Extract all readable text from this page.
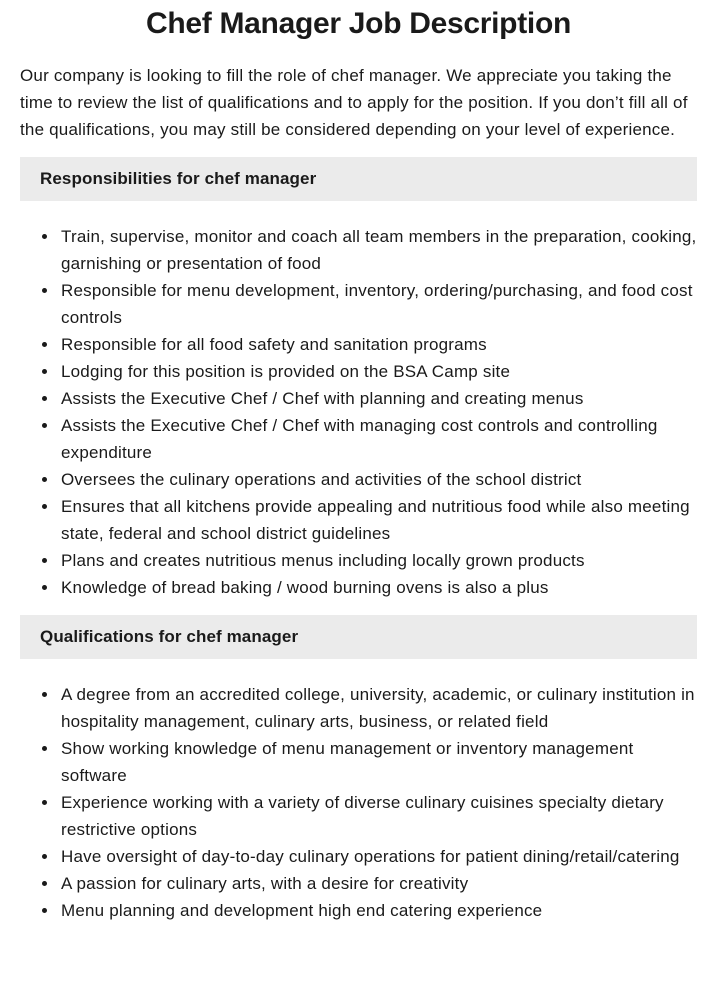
Chef Manager Job Description

Our company is looking to fill the role of chef manager. We appreciate you taking the time to review the list of qualifications and to apply for the position. If you don’t fill all of the qualifications, you may still be considered depending on your level of experience.

Responsibilities for chef manager
Train, supervise, monitor and coach all team members in the preparation, cooking, garnishing or presentation of food
Responsible for menu development, inventory, ordering/purchasing, and food cost controls
Responsible for all food safety and sanitation programs
Lodging for this position is provided on the BSA Camp site
Assists the Executive Chef / Chef with planning and creating menus
Assists the Executive Chef / Chef with managing cost controls and controlling expenditure
Oversees the culinary operations and activities of the school district
Ensures that all kitchens provide appealing and nutritious food while also meeting state, federal and school district guidelines
Plans and creates nutritious menus including locally grown products
Knowledge of bread baking / wood burning ovens is also a plus
Qualifications for chef manager
A degree from an accredited college, university, academic, or culinary institution in hospitality management, culinary arts, business, or related field
Show working knowledge of menu management or inventory management software
Experience working with a variety of diverse culinary cuisines specialty dietary restrictive options
Have oversight of day-to-day culinary operations for patient dining/retail/catering
A passion for culinary arts, with a desire for creativity
Menu planning and development high end catering experience
